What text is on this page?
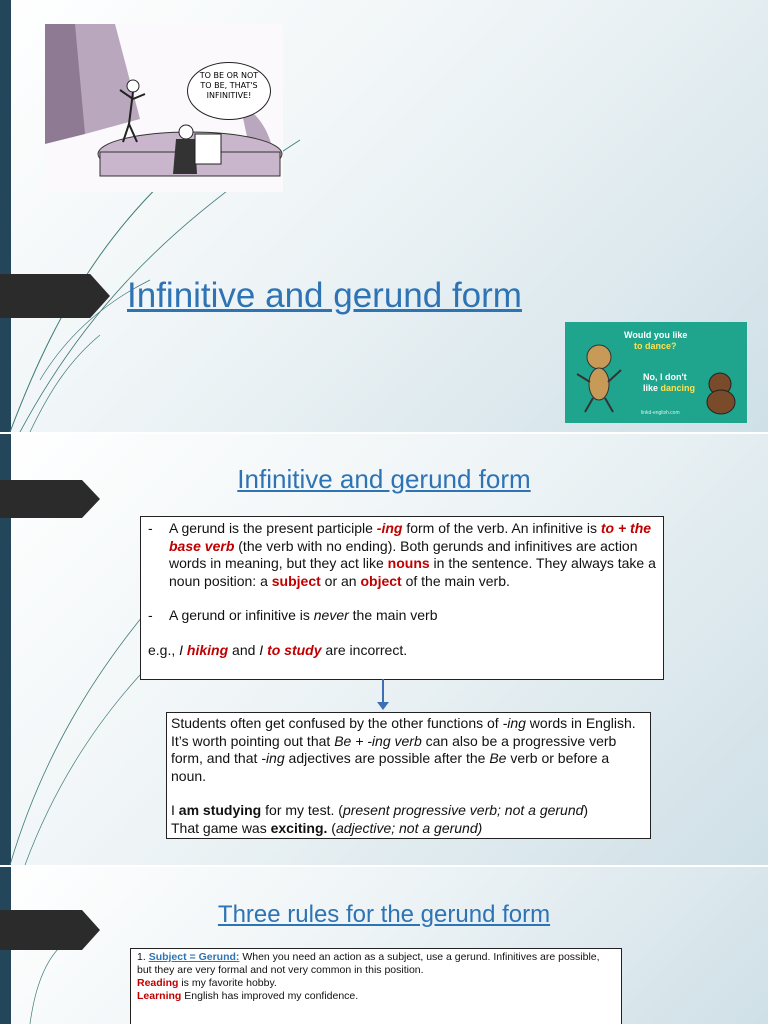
TO BE OR NOT
TO BE, THAT'S
INFINITIVE!
Infinitive and gerund form
Would you like
to dance?
No, I don't
like dancing
linkd-english.com
Infinitive and gerund form
-	A gerund is the present participle -ing form of the verb. An infinitive is to + the base verb (the verb with no ending). Both gerunds and infinitives are action words in meaning, but they act like nouns in the sentence. They always take a noun position: a subject or an object of the main verb.
-	A gerund or infinitive is never the main verb
e.g., I hiking and I to study are incorrect.
Students often get confused by the other functions of -ing words in English. It’s worth pointing out that Be + -ing verb can also be a progressive verb form, and that -ing adjectives are possible after the Be verb or before a noun.
I am studying for my test. (present progressive verb; not a gerund)
That game was exciting. (adjective; not a gerund)
Three rules for the gerund form
1. Subject = Gerund: When you need an action as a subject, use a gerund. Infinitives are possible, but they are very formal and not very common in this position.
Reading is my favorite hobby.
Learning English has improved my confidence.
